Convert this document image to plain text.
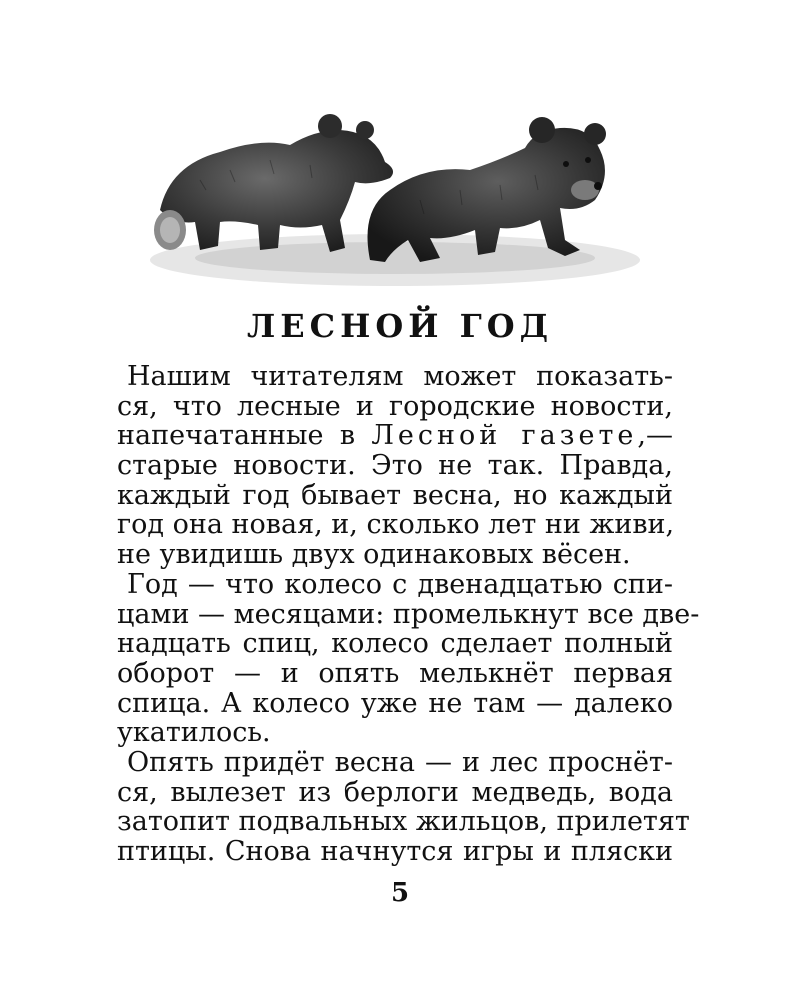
ЛЕСНОЙ ГОД
Нашим читателям может показать-
ся, что лесные и городские новости,
напечатанные в Лесной газете,—
старые новости. Это не так. Правда,
каждый год бывает весна, но каждый
год она новая, и, сколько лет ни живи,
не увидишь двух одинаковых вёсен.
Год — что колесо с двенадцатью спи-
цами — месяцами: промелькнут все две-
надцать спиц, колесо сделает полный
оборот — и опять мелькнёт первая
спица. А колесо уже не там — далеко
укатилось.
Опять придёт весна — и лес проснёт-
ся, вылезет из берлоги медведь, вода
затопит подвальных жильцов, прилетят
птицы. Снова начнутся игры и пляски
5
